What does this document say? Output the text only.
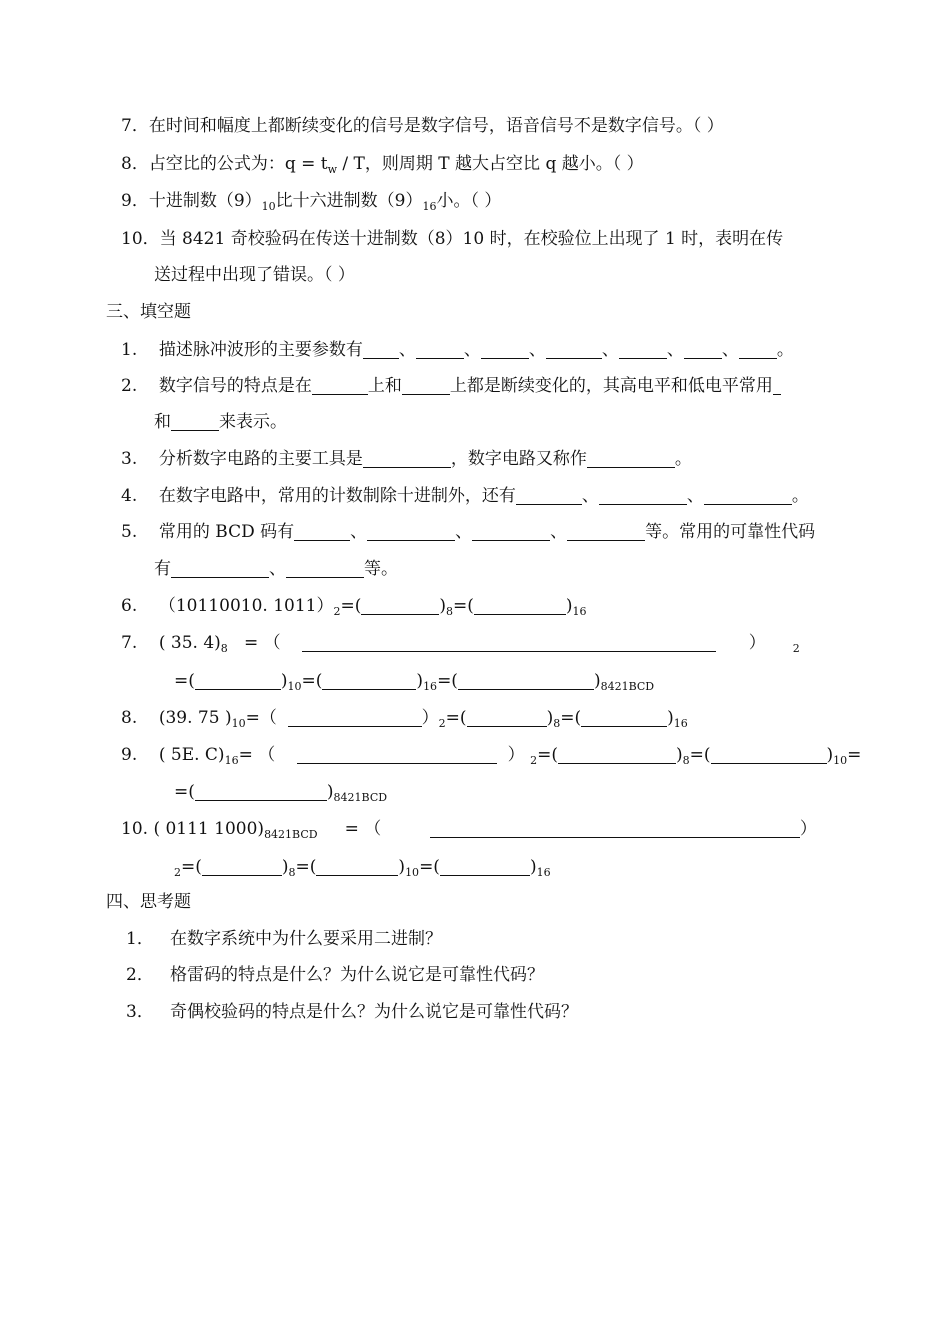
7．在时间和幅度上都断续变化的信号是数字信号，语音信号不是数字信号。（ ）
8．占空比的公式为：$q = t_w / T$，则周期 T 越大占空比 q 越小。（ ）
9．十进制数$(9)_{10}$比十六进制数$(9)_{16}$小。（ ）
10．当 8421 奇校验码在传送十进制数（8）10 时，在校验位上出现了 1 时，表明在传
送过程中出现了错误。（ ）
三、填空题
1. 描述脉冲波形的主要参数有 、	、	、	、	、 、 。
2. 数字信号的特点是在	上和	上都是断续变化的，其高电平和低电平常用
和	来表示。
3. 分析数字电路的主要工具是	，数字电路又称作	。
4. 在数字电路中，常用的计数制除十进制外，还有	、	、	。
5. 常用的 BCD 码有	、	、	、	等。常用的可靠性代码
有	、	等。
6. （10110010. $1011)_2=$(	)$_8=$(	)$_{16}$
7. ( 35. $4)_8$ = （	） $_2$
=(	)$_{10}=$(	)$_{16}=$(	)$_{8421BCD}$
8. (39. 75 )$_{10}=$（	）$_2=$(	)$_8=$(	)$_{16}$
9. ( 5E. $C)_{16}=$ （	） $_2$=(	)$_8=$(	)$_{10}=$
=(	)$_{8421BCD}$
10. ( 0111 $1000)_{8421BCD}$ = （	）
$_2$=(	)$_8=$(	)$_{10}=$(	)$_{16}$
四、思考题
1． 在数字系统中为什么要采用二进制？
2． 格雷码的特点是什么？为什么说它是可靠性代码？
3． 奇偶校验码的特点是什么？为什么说它是可靠性代码？
